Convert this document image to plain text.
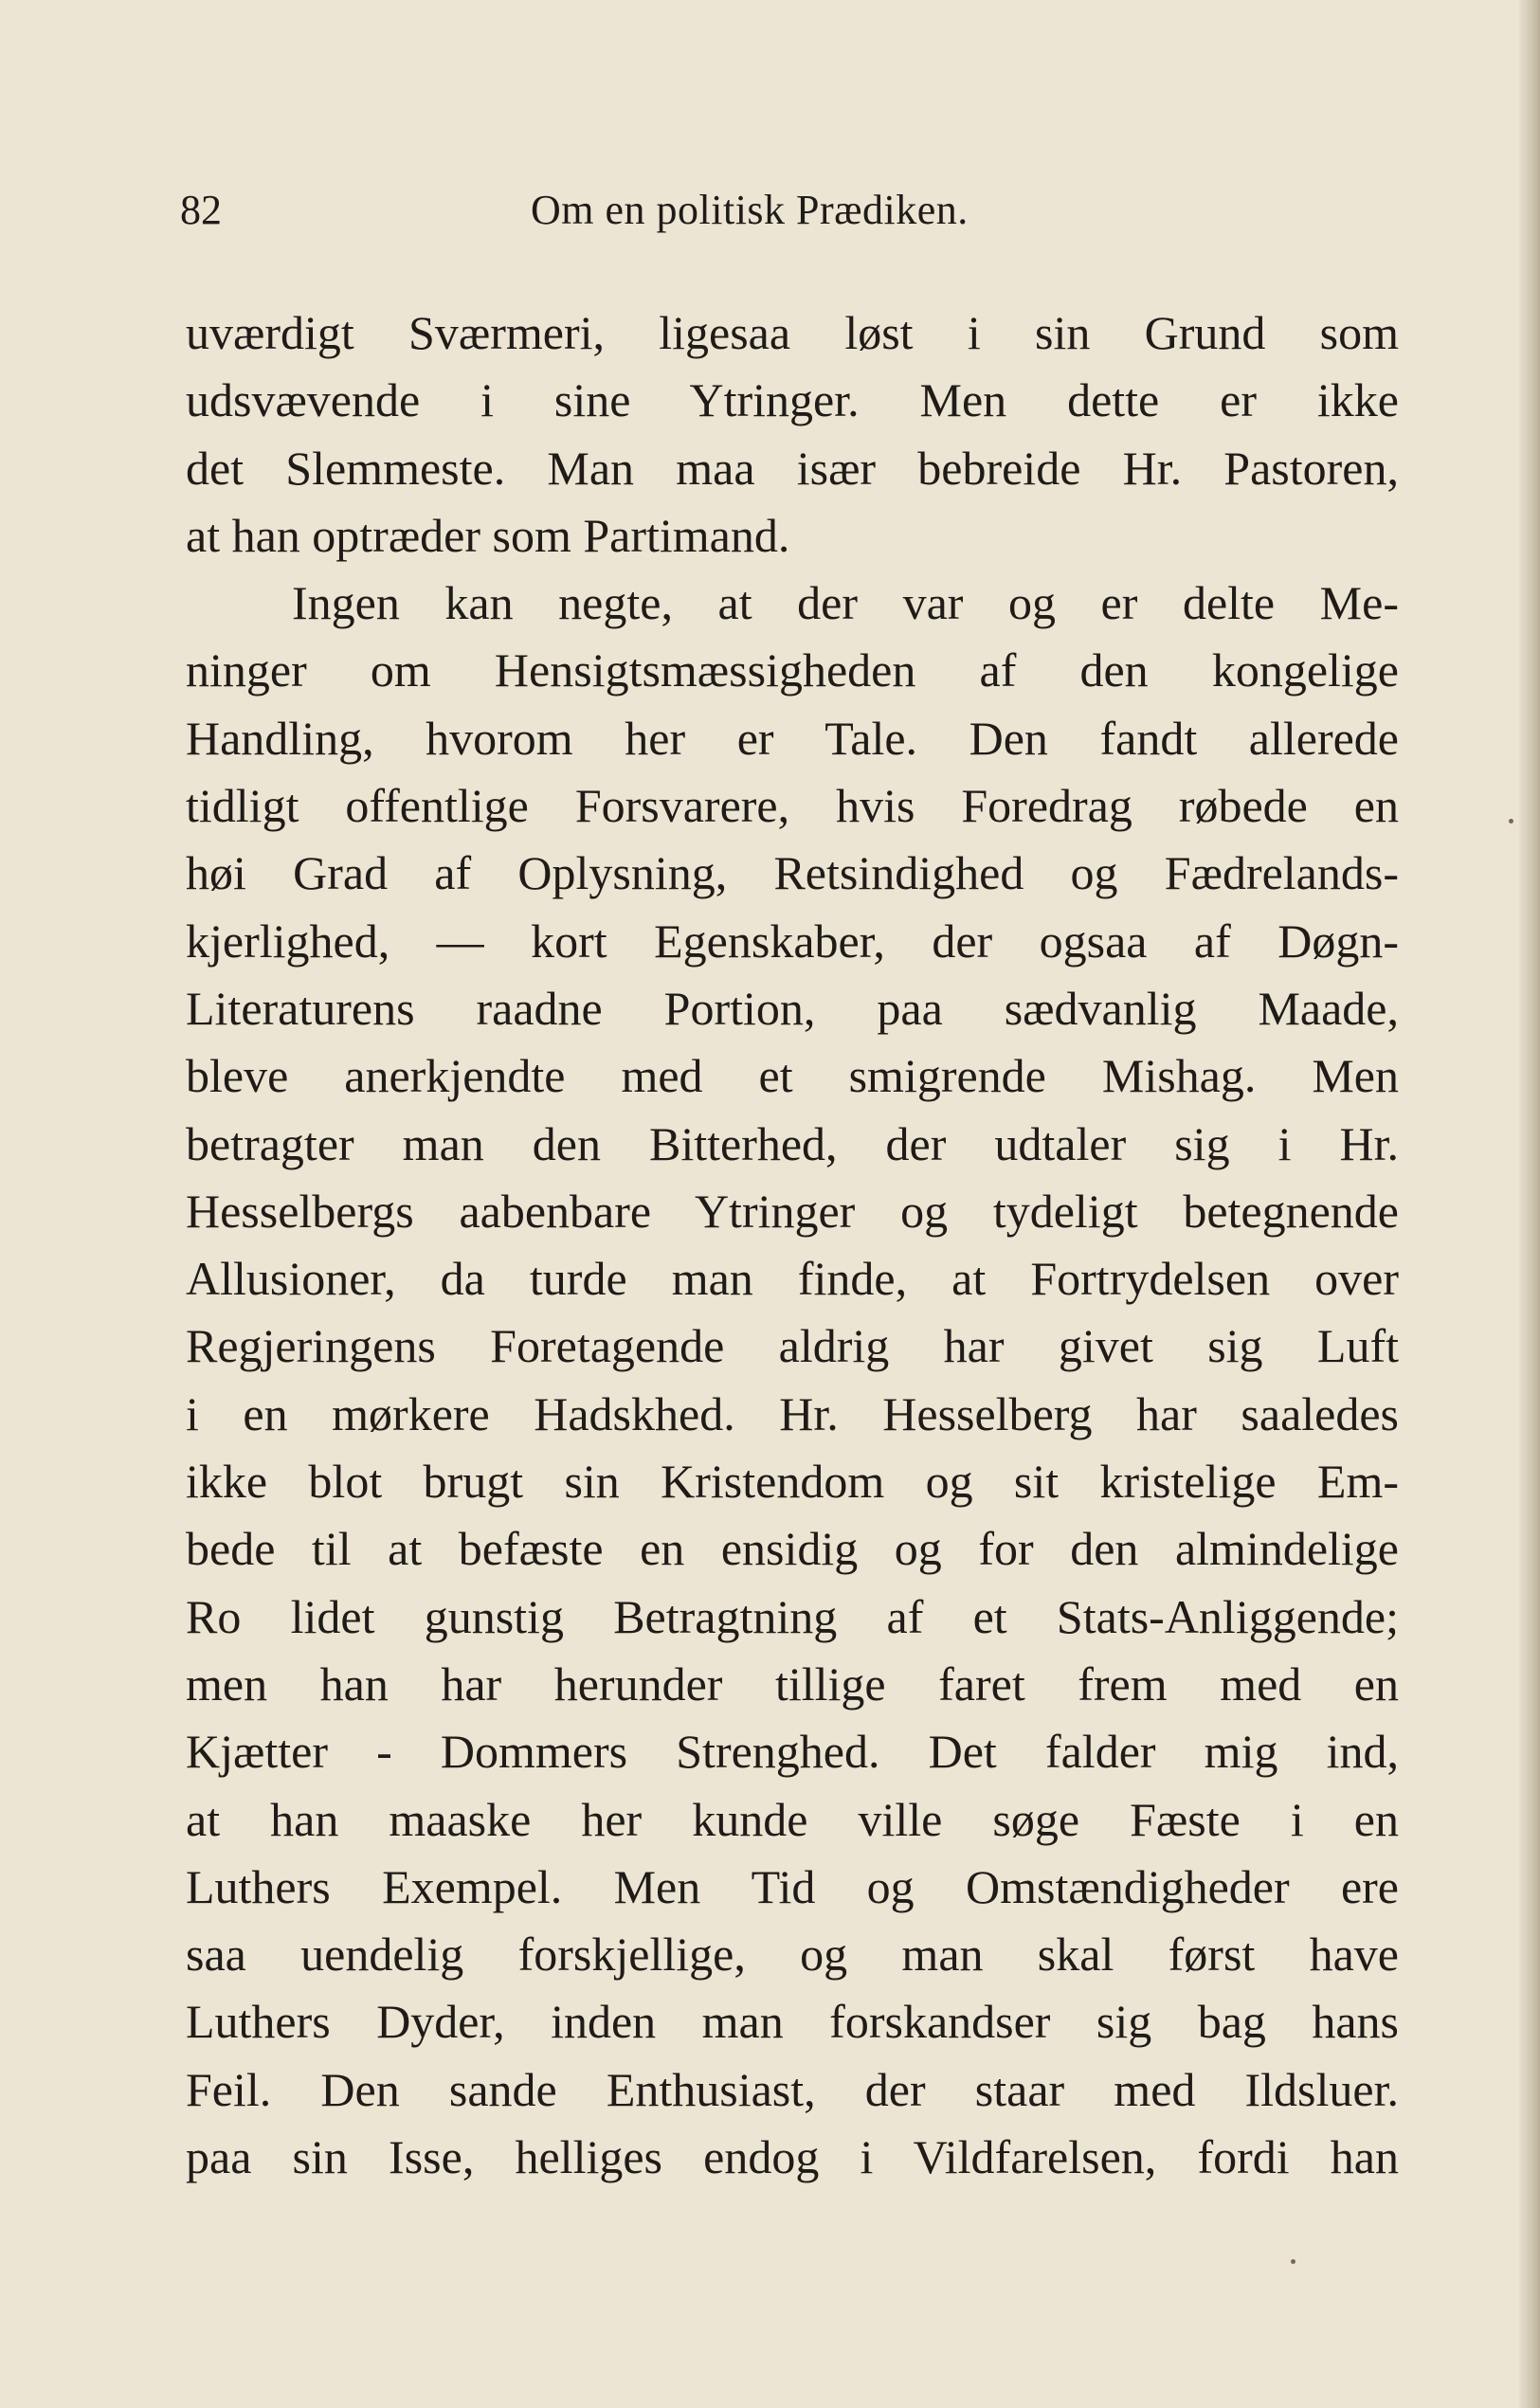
82	Om en politisk Prædiken.
uværdigt Sværmeri, ligesaa løst i sin Grund som
udsvævende i sine Ytringer. Men dette er ikke
det Slemmeste. Man maa især bebreide Hr. Pastoren,
at han optræder som Partimand.
Ingen kan negte, at der var og er delte Me-
ninger om Hensigtsmæssigheden af den kongelige
Handling, hvorom her er Tale. Den fandt allerede
tidligt offentlige Forsvarere, hvis Foredrag røbede en
høi Grad af Oplysning, Retsindighed og Fædrelands-
kjerlighed, — kort Egenskaber, der ogsaa af Døgn-
Literaturens raadne Portion, paa sædvanlig Maade,
bleve anerkjendte med et smigrende Mishag. Men
betragter man den Bitterhed, der udtaler sig i Hr.
Hesselbergs aabenbare Ytringer og tydeligt betegnende
Allusioner, da turde man finde, at Fortrydelsen over
Regjeringens Foretagende aldrig har givet sig Luft
i en mørkere Hadskhed. Hr. Hesselberg har saaledes
ikke blot brugt sin Kristendom og sit kristelige Em-
bede til at befæste en ensidig og for den almindelige
Ro lidet gunstig Betragtning af et Stats-Anliggende;
men han har herunder tillige faret frem med en
Kjætter - Dommers Strenghed. Det falder mig ind,
at han maaske her kunde ville søge Fæste i en
Luthers Exempel. Men Tid og Omstændigheder ere
saa uendelig forskjellige, og man skal først have
Luthers Dyder, inden man forskandser sig bag hans
Feil. Den sande Enthusiast, der staar med Ildsluer.
paa sin Isse, helliges endog i Vildfarelsen, fordi han
